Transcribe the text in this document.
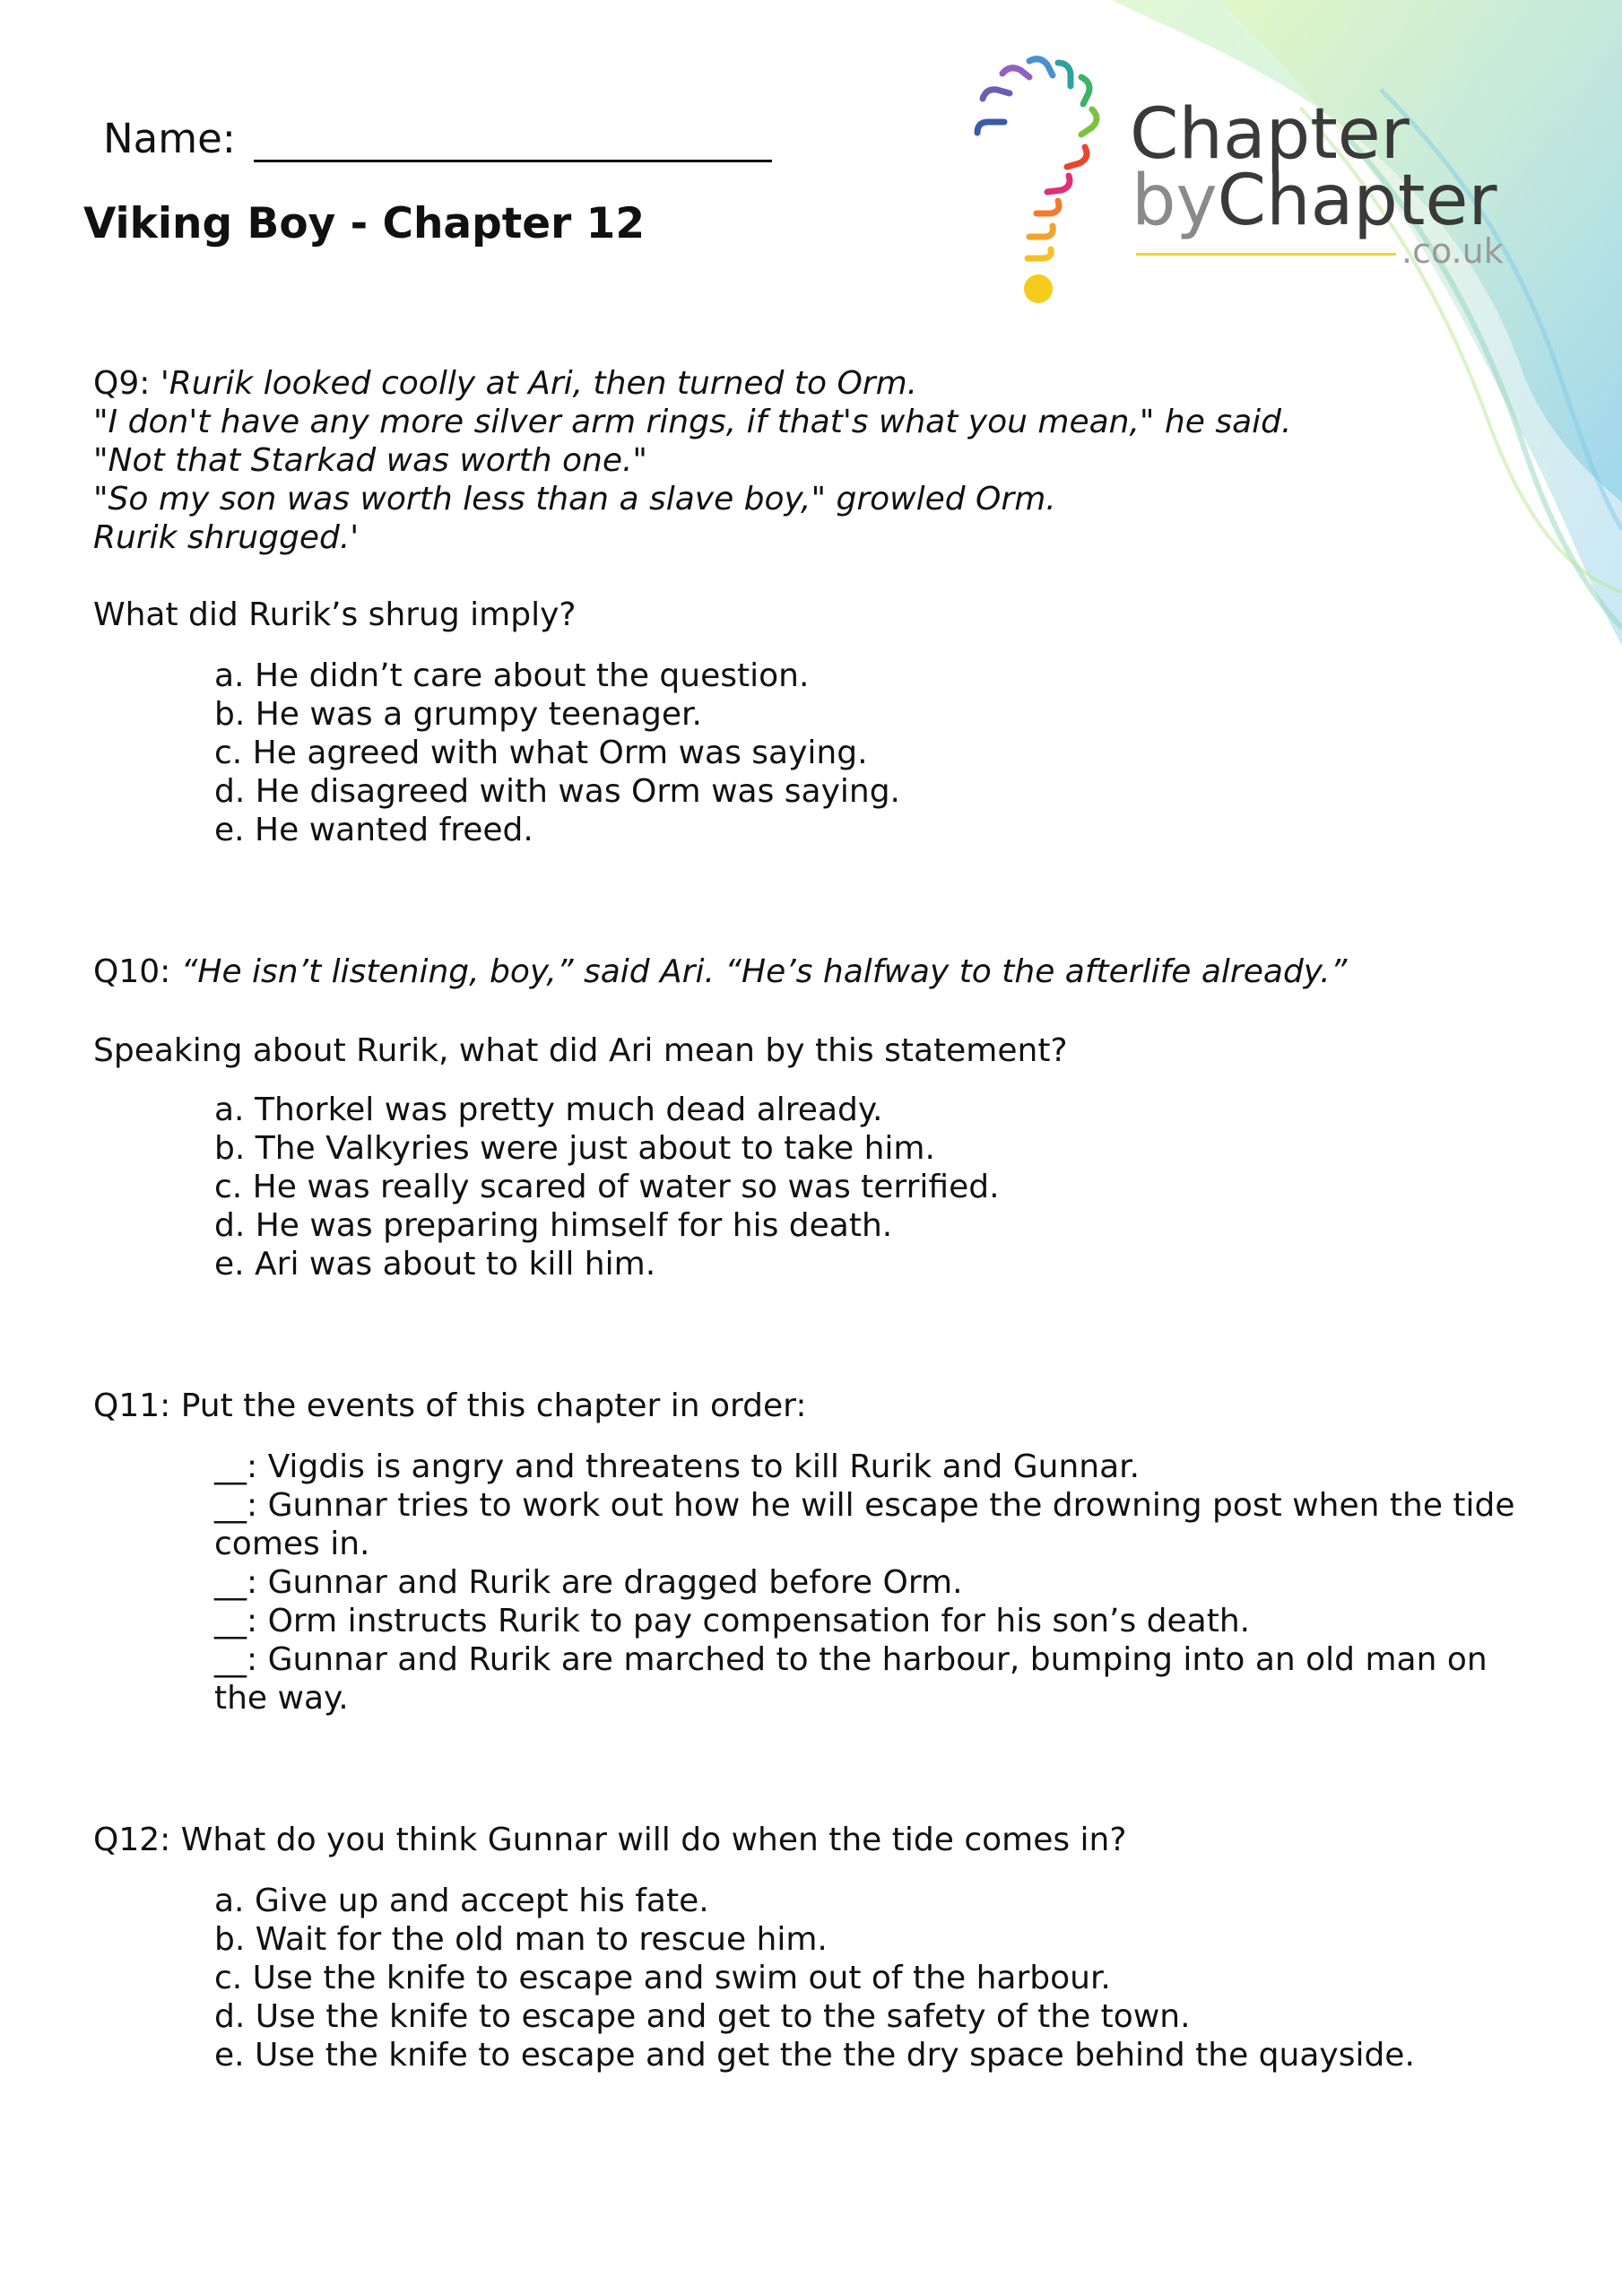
Name:
Viking Boy - Chapter 12
Chapter
byChapter
.co.uk
Q9: 'Rurik looked coolly at Ari, then turned to Orm.
"I don't have any more silver arm rings, if that's what you mean," he said.
"Not that Starkad was worth one."
"So my son was worth less than a slave boy," growled Orm.
Rurik shrugged.'
What did Rurik’s shrug imply?
a. He didn’t care about the question.
b. He was a grumpy teenager.
c. He agreed with what Orm was saying.
d. He disagreed with was Orm was saying.
e. He wanted freed.
Q10: “He isn’t listening, boy,” said Ari. “He’s halfway to the afterlife already.”
Speaking about Rurik, what did Ari mean by this statement?
a. Thorkel was pretty much dead already.
b. The Valkyries were just about to take him.
c. He was really scared of water so was terrified.
d. He was preparing himself for his death.
e. Ari was about to kill him.
Q11: Put the events of this chapter in order:
__: Vigdis is angry and threatens to kill Rurik and Gunnar.
__: Gunnar tries to work out how he will escape the drowning post when the tide comes in.
__: Gunnar and Rurik are dragged before Orm.
__: Orm instructs Rurik to pay compensation for his son’s death.
__: Gunnar and Rurik are marched to the harbour, bumping into an old man on the way.
Q12: What do you think Gunnar will do when the tide comes in?
a. Give up and accept his fate.
b. Wait for the old man to rescue him.
c. Use the knife to escape and swim out of the harbour.
d. Use the knife to escape and get to the safety of the town.
e. Use the knife to escape and get the the dry space behind the quayside.
